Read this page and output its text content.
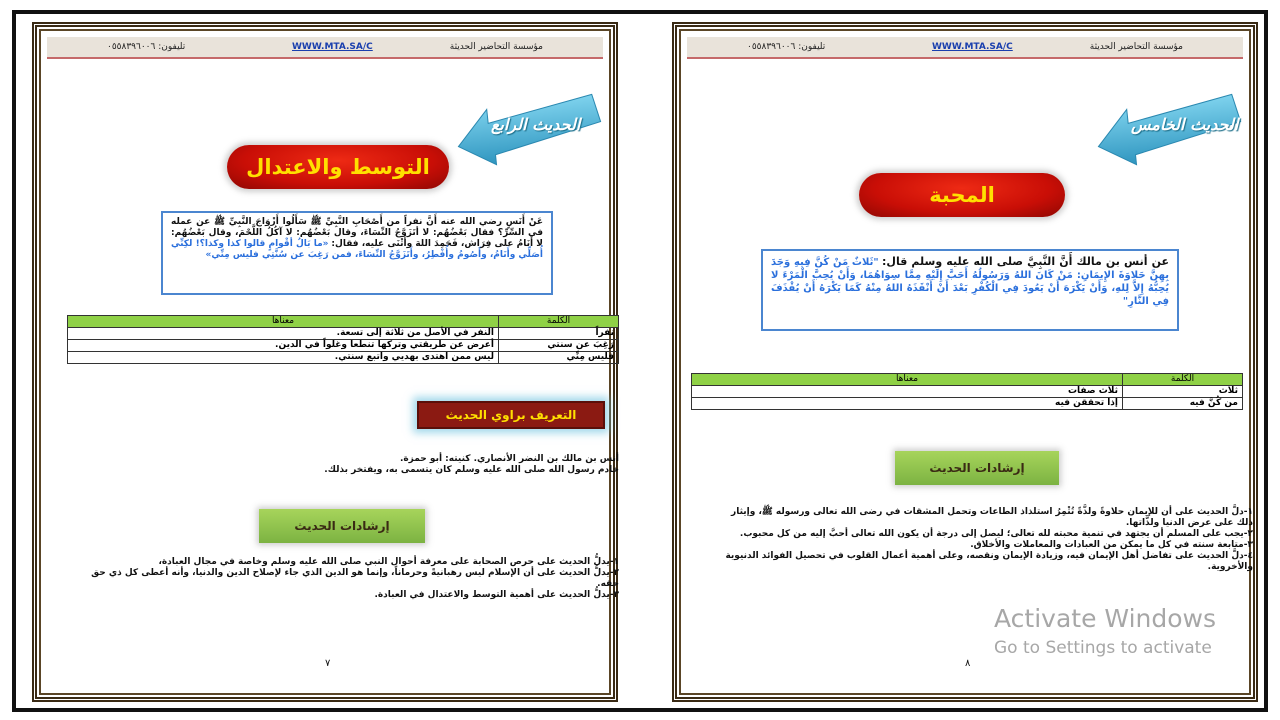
تليفون: ٠٥٥٨٣٩٦٠٠٦	WWW.MTA.SA/C	مؤسسة التحاضير الحديثة
الحديث الرابع
التوسط والاعتدال
عَنْ أَنَسٍ رضي الله عنه أَنَّ نفراً من أَصْحَابِ النَّبِيِّ ﷺ سَأَلُوا أَزْوَاجَ النَّبِيِّ ﷺ عن عمله في السِّرِّ؟ فقال بَعْضُهُم: لا أتَزَوَّجُ النِّسَاءَ، وقال بَعْضُهُم: لا آكُلُ اللَّحْمَ، وقال بَعْضُهُم: لا أَنَامُ على فِرَاش، فَحَمِدَ اللهَ وأَثْنَى عليه، فقال: «ما بَالُ أقْوامٍ قالوا كذا وكذا؟! لكِنِّي أُصَلِّي وأَنَامُ، وأَصُومُ وأُفْطِرُ، وأَتَزَوَّجُ النِّسَاءَ، فمن رَغِبَ عن سُنَّتِي فليس مِنِّي»
الكلمة	معناها
نفراً	النفر في الأصل من ثلاثة إلى تسعة.
رَغِبَ عن سنتي	أعرض عن طريقتي وتركها تنطعا وغلواً في الدين.
فليس مِنِّي	ليس ممن اهتدى بهديي واتبع سنتي.
التعريف براوي الحديث
أنس بن مالك بن النضر الأنصاري. كنيته: أبو حمزة.
خادم رسول الله صلى الله عليه وسلم كان يتسمى به، ويفتخر بذلك.
إرشادات الحديث
١-يدلُّ الحديث على حرص الصحابة على معرفة أحوال النبي صلى الله عليه وسلم وخاصة في مجال العبادة،
٢-يدلُّ الحديث على أن الإسلام ليس رهبانيةً وحرماناً، وإنما هو الدين الذي جاء لإصلاح الدين والدنيا، وأنه أعطى كل ذي حق حقه.
٣-يدلُّ الحديث على أهمية التوسط والاعتدال في العبادة.
٧
تليفون: ٠٥٥٨٣٩٦٠٠٦	WWW.MTA.SA/C	مؤسسة التحاضير الحديثة
الحديث الخامس
المحبة
عن أنس بن مالك أَنَّ النَّبِيَّ صلى الله عليه وسلم قال: "ثَلاثٌ مَنْ كُنَّ فِيهِ وَجَدَ بِهِنَّ حَلاوَةَ الإِيمَانِ: مَنْ كَانَ اللهُ وَرَسُولُهُ أَحَبَّ إِلَيْهِ مِمَّا سِوَاهُمَا، وَأَنْ يُحِبَّ الْمَرْءَ لا يُحِبُّهُ إِلاَّ لِلهِ، وَأَنْ يَكْرَهَ أَنْ يَعُودَ فِي الْكُفْرِ بَعْدَ أَنْ أَنْقَذَهُ اللهُ مِنْهُ كَمَا يَكْرَهُ أَنْ يُقْذَفَ فِي النَّارِ"
الكلمة	معناها
ثلاث	ثلاث صفات
من كُنَّ فيه	إذا تحققن فيه
إرشادات الحديث
١-دلَّ الحديث على أن للإيمان حلاوةً ولذَّةً تُثْمِرُ استلذاذ الطاعات وتحمل المشقات في رضى الله تعالى ورسوله ﷺ، وإيثار ذلك على عرض الدنيا ولذَّاتها.
٢-يجب على المسلم أن يجتهد في تنمية محبته لله تعالى؛ ليصل إلى درجة أن يكون الله تعالى أحبَّ إليه من كل محبوب.
٣-متابعة سنته في كل ما يمكن من العبادات والمعاملات والأخلاق.
٤-دلَّ الحديث على تفاضل أهل الإيمان فيه، وزيادة الإيمان ونقصه، وعلى أهمية أعمال القلوب في تحصيل الفوائد الدنيوية والأخروية.
٨
Activate Windows
Go to Settings to activate
